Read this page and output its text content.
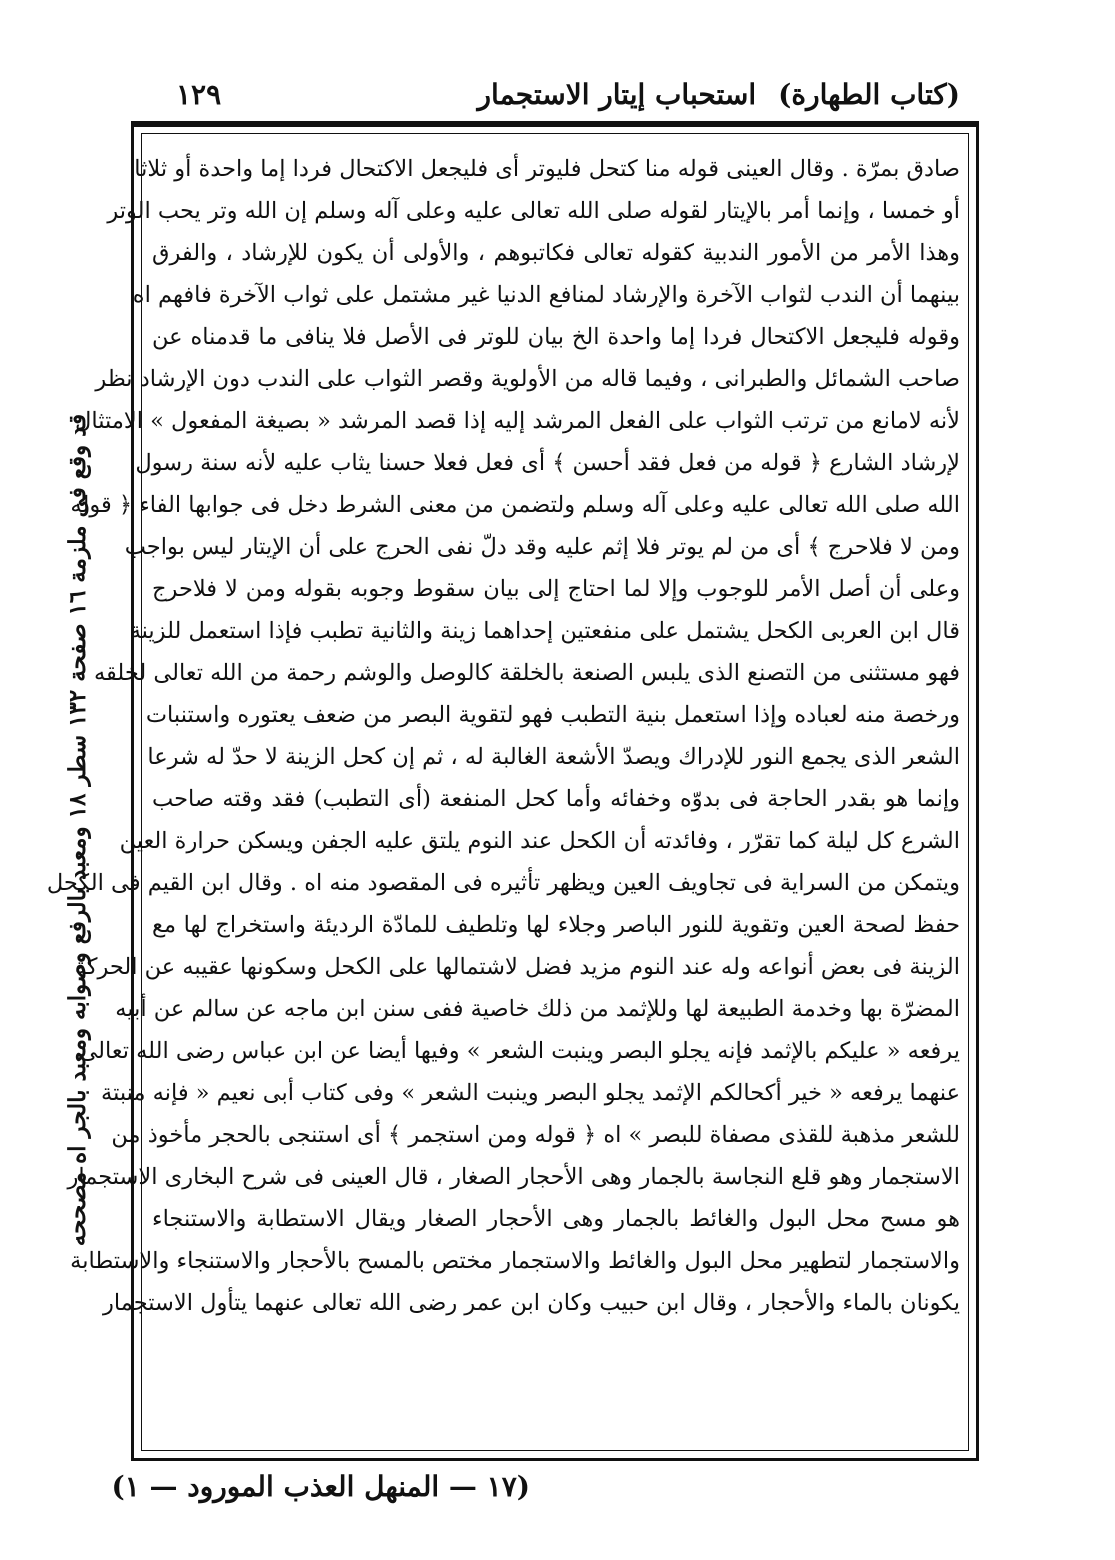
(كتاب الطهارة)استحباب إيتار الاستجمار
١٢٩
صادق بمرّة . وقال العينى قوله منا كتحل فليوتر أى فليجعل الاكتحال فردا إما واحدة أو ثلاثا
أو خمسا ، وإنما أمر بالإيتار لقوله صلى الله تعالى عليه وعلى آله وسلم إن الله وتر يحب الوتر
وهذا الأمر من الأمور الندبية كقوله تعالى فكاتبوهم ، والأولى أن يكون للإرشاد ، والفرق
بينهما أن الندب لثواب الآخرة والإرشاد لمنافع الدنيا غير مشتمل على ثواب الآخرة فافهم اه
وقوله فليجعل الاكتحال فردا إما واحدة الخ بيان للوتر فى الأصل فلا ينافى ما قدمناه عن
صاحب الشمائل والطبرانى ، وفيما قاله من الأولوية وقصر الثواب على الندب دون الإرشاد نظر
لأنه لامانع من ترتب الثواب على الفعل المرشد إليه إذا قصد المرشد « بصيغة المفعول » الامتثال
لإرشاد الشارع ﴿ قوله من فعل فقد أحسن ﴾ أى فعل فعلا حسنا يثاب عليه لأنه سنة رسول
الله صلى الله تعالى عليه وعلى آله وسلم ولتضمن من معنى الشرط دخل فى جوابها الفاء ﴿ قوله
ومن لا فلاحرج ﴾ أى من لم يوتر فلا إثم عليه وقد دلّ نفى الحرج على أن الإيتار ليس بواجب
وعلى أن أصل الأمر للوجوب وإلا لما احتاج إلى بيان سقوط وجوبه بقوله ومن لا فلاحرج
قال ابن العربى الكحل يشتمل على منفعتين إحداهما زينة والثانية تطبب فإذا استعمل للزينة
فهو مستثنى من التصنع الذى يلبس الصنعة بالخلقة كالوصل والوشم رحمة من الله تعالى لخلقه
ورخصة منه لعباده وإذا استعمل بنية التطبب فهو لتقوية البصر من ضعف يعتوره واستنبات
الشعر الذى يجمع النور للإدراك ويصدّ الأشعة الغالبة له ، ثم إن كحل الزينة لا حدّ له شرعا
وإنما هو بقدر الحاجة فى بدوّه وخفائه وأما كحل المنفعة (أى التطبب) فقد وقته صاحب
الشرع كل ليلة كما تقرّر ، وفائدته أن الكحل عند النوم يلتق عليه الجفن ويسكن حرارة العين
ويتمكن من السراية فى تجاويف العين ويظهر تأثيره فى المقصود منه اه . وقال ابن القيم فى الكحل
حفظ لصحة العين وتقوية للنور الباصر وجلاء لها وتلطيف للمادّة الرديئة واستخراج لها مع
الزينة فى بعض أنواعه وله عند النوم مزيد فضل لاشتمالها على الكحل وسكونها عقيبه عن الحركة
المضرّة بها وخدمة الطبيعة لها وللإثمد من ذلك خاصية ففى سنن ابن ماجه عن سالم عن أبيه
يرفعه « عليكم بالإثمد فإنه يجلو البصر وينبت الشعر » وفيها أيضا عن ابن عباس رضى الله تعالى
عنهما يرفعه « خير أكحالكم الإثمد يجلو البصر وينبت الشعر » وفى كتاب أبى نعيم « فإنه منبتة
للشعر مذهبة للقذى مصفاة للبصر » اه ﴿ قوله ومن استجمر ﴾ أى استنجى بالحجر مأخوذ من
الاستجمار وهو قلع النجاسة بالجمار وهى الأحجار الصغار ، قال العينى فى شرح البخارى الاستجمار
هو مسح محل البول والغائط بالجمار وهى الأحجار الصغار ويقال الاستطابة والاستنجاء
والاستجمار لتطهير محل البول والغائط والاستجمار مختص بالمسح بالأحجار والاستنجاء والاستطابة
يكونان بالماء والأحجار ، وقال ابن حبيب وكان ابن عمر رضى الله تعالى عنهما يتأول الاستجمار
قد وقع فى ملزمة ١٦ صفحة ١٣٢ سطر ١٨ ومعبد بالرفع وصوابه ومعبد بالجر اه مصححه
(١٧ — المنهل العذب المورود — ١)
